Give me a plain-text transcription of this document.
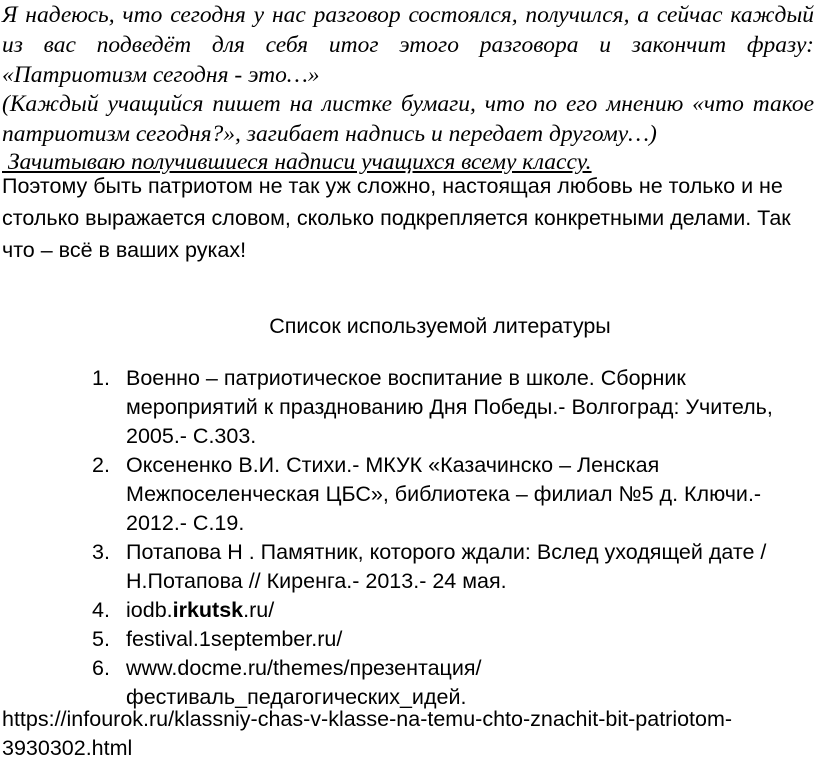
Я надеюсь, что сегодня у нас разговор состоялся, получился, а сейчас каждый из вас подведёт для себя итог этого разговора и закончит фразу: «Патриотизм сегодня - это…»

(Каждый учащийся пишет на листке бумаги, что по его мнению «что такое патриотизм сегодня?», загибает надпись и передает другому…)

Зачитываю получившиеся надписи учащихся всему классу.

Поэтому быть патриотом не так уж сложно, настоящая любовь не только и не столько выражается словом, сколько подкрепляется конкретными делами. Так что – всё в ваших руках!

Список используемой литературы

1. Военно – патриотическое воспитание в школе. Сборник мероприятий к празднованию Дня Победы.- Волгоград: Учитель, 2005.- С.303.
2. Оксененко В.И. Стихи.- МКУК «Казачинско – Ленская Межпоселенческая ЦБС», библиотека – филиал №5 д. Ключи.- 2012.- С.19.
3. Потапова Н . Памятник, которого ждали: Вслед уходящей дате /Н.Потапова // Киренга.- 2013.- 24 мая.
4. iodb.irkutsk.ru/
5. festival.1september.ru/
6. www.docme.ru/themes/презентация/фестиваль_педагогических_идей.

https://infourok.ru/klassniy-chas-v-klasse-na-temu-chto-znachit-bit-patriotom-3930302.html
